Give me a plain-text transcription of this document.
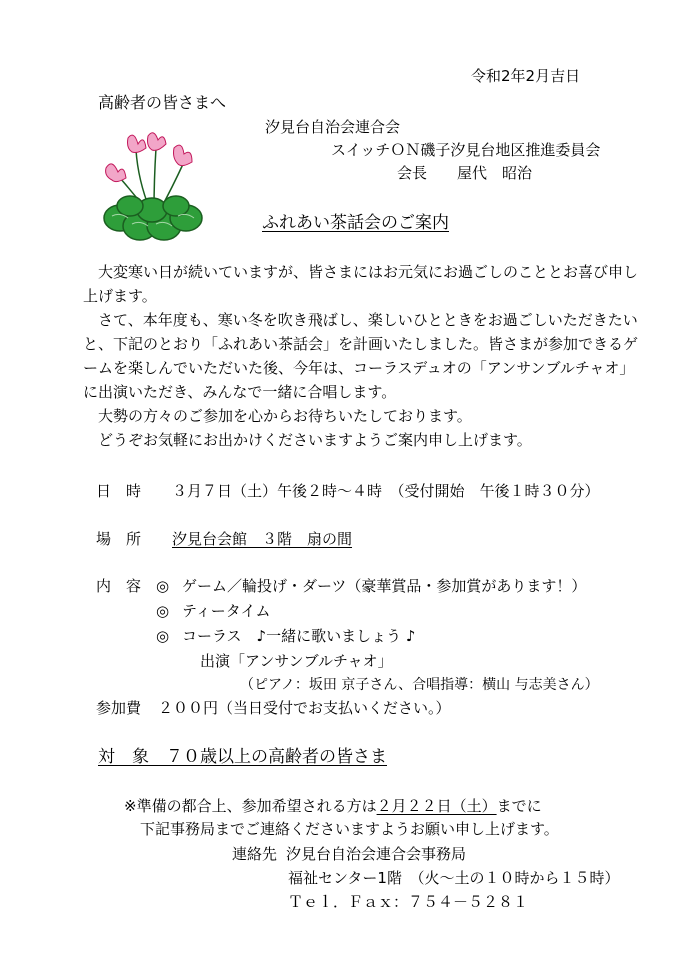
令和2年2月吉日
高齢者の皆さまへ
汐見台自治会連合会
スイッチＯＮ磯子汐見台地区推進委員会
会長　　屋代　昭治
ふれあい茶話会のご案内

大変寒い日が続いていますが、皆さまにはお元気にお過ごしのこととお喜び申し上げます。

さて、本年度も、寒い冬を吹き飛ばし、楽しいひとときをお過ごしいただきたいと、下記のとおり「ふれあい茶話会」を計画いたしました。皆さまが参加できるゲームを楽しんでいただいた後、今年は、コーラスデュオの「アンサンブルチャオ」に出演いただき、みんなで一緒に合唱します。

大勢の方々のご参加を心からお待ちいたしております。

どうぞお気軽にお出かけくださいますようご案内申し上げます。

日　時 ３月７日（土）午後２時～４時　（受付開始　午後１時３０分）
場　所 汐見台会館　３階　扇の間
内　容 ◎ ゲーム／輪投げ・ダーツ（豪華賞品・参加賞があります！）
◎ ティータイム
◎ コーラス　♪一緒に歌いましょう ♪
出演「アンサンブルチャオ」
（ピアノ：坂田 京子さん、合唱指導：横山 与志美さん）
参加費 ２００円（当日受付でお支払いください。）
対　象　７０歳以上の高齢者の皆さま
※準備の都合上、参加希望される方は２月２２日（土）までに
下記事務局までご連絡くださいますようお願い申し上げます。
連絡先 汐見台自治会連合会事務局
福祉センター1階　（火～土の１０時から１５時）
Ｔｅｌ．Ｆａｘ：７５４－５２８１
